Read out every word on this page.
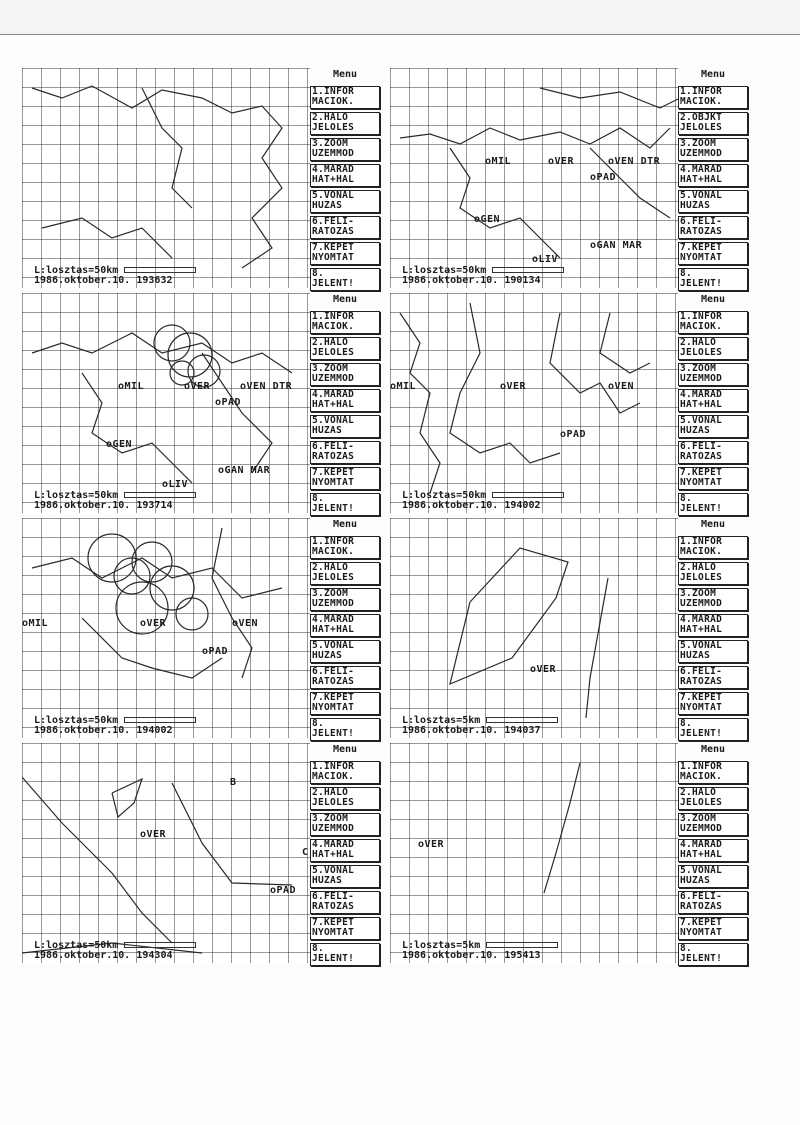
L:losztas=50km
1986.oktober.10. 193632
Menu
1.INFOR
MACIOK.
2.HALO
JELOLES
3.ZOOM
UZEMMOD
4.MARAD
HAT+HAL
5.VONAL
HUZAS
6.FELI-
RATOZAS
7.KEPET
NYOMTAT
8.
JELENT!
oMIL	oVER	oVEN DTR
oPAD
oGEN
oGAN MAR
oLIV
L:losztas=50km
1986.oktober.10. 190134
Menu
1.INFOR
MACIOK.
2.OBJKT
JELOLES
3.ZOOM
UZEMMOD
4.MARAD
HAT+HAL
5.VONAL
HUZAS
6.FELI-
RATOZAS
7.KEPET
NYOMTAT
8.
JELENT!
oMIL	oVER	oVEN DTR
oPAD
oGEN
oGAN MAR
oLIV
L:losztas=50km
1986.oktober.10. 193714
Menu
1.INFOR
MACIOK.
2.HALO
JELOLES
3.ZOOM
UZEMMOD
4.MARAD
HAT+HAL
5.VONAL
HUZAS
6.FELI-
RATOZAS
7.KEPET
NYOMTAT
8.
JELENT!
oMIL	oVER	oVEN
oPAD
L:losztas=50km
1986.oktober.10. 194002
Menu
1.INFOR
MACIOK.
2.HALO
JELOLES
3.ZOOM
UZEMMOD
4.MARAD
HAT+HAL
5.VONAL
HUZAS
6.FELI-
RATOZAS
7.KEPET
NYOMTAT
8.
JELENT!
oMIL	oVER	oVEN
oPAD
L:losztas=50km
1986.oktober.10. 194002
Menu
1.INFOR
MACIOK.
2.HALO
JELOLES
3.ZOOM
UZEMMOD
4.MARAD
HAT+HAL
5.VONAL
HUZAS
6.FELI-
RATOZAS
7.KEPET
NYOMTAT
8.
JELENT!
oVER
L:losztas=5km
1986.oktober.10. 194037
Menu
1.INFOR
MACIOK.
2.HALO
JELOLES
3.ZOOM
UZEMMOD
4.MARAD
HAT+HAL
5.VONAL
HUZAS
6.FELI-
RATOZAS
7.KEPET
NYOMTAT
8.
JELENT!
oVER
oPAD
B
C
L:losztas=50km
1986.oktober.10. 194304
Menu
1.INFOR
MACIOK.
2.HALO
JELOLES
3.ZOOM
UZEMMOD
4.MARAD
HAT+HAL
5.VONAL
HUZAS
6.FELI-
RATOZAS
7.KEPET
NYOMTAT
8.
JELENT!
oVER
L:losztas=5km
1986.oktober.10. 195413
Menu
1.INFOR
MACIOK.
2.HALO
JELOLES
3.ZOOM
UZEMMOD
4.MARAD
HAT+HAL
5.VONAL
HUZAS
6.FELI-
RATOZAS
7.KEPET
NYOMTAT
8.
JELENT!
